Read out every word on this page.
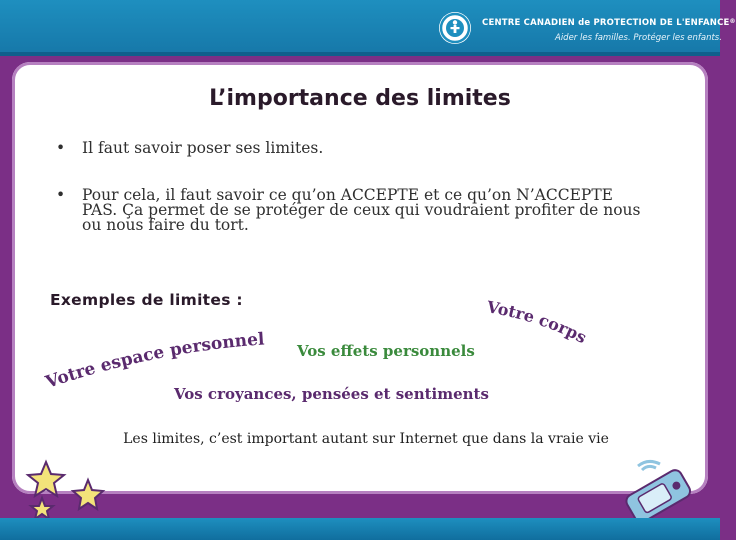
CENTRE CANADIEN de PROTECTION DE L'ENFANCE®
Aider les familles. Protéger les enfants.
L’importance des limites
• Il faut savoir poser ses limites.
• Pour cela, il faut savoir ce qu’on ACCEPTE et ce qu’on N’ACCEPTE PAS. Ça permet de se protéger de ceux qui voudraient profiter de nous ou nous faire du tort.
Exemples de limites :
Votre espace personnel
Votre corps
Vos effets personnels
Vos croyances, pensées et sentiments
Les limites, c’est important autant sur Internet que dans la vraie vie
